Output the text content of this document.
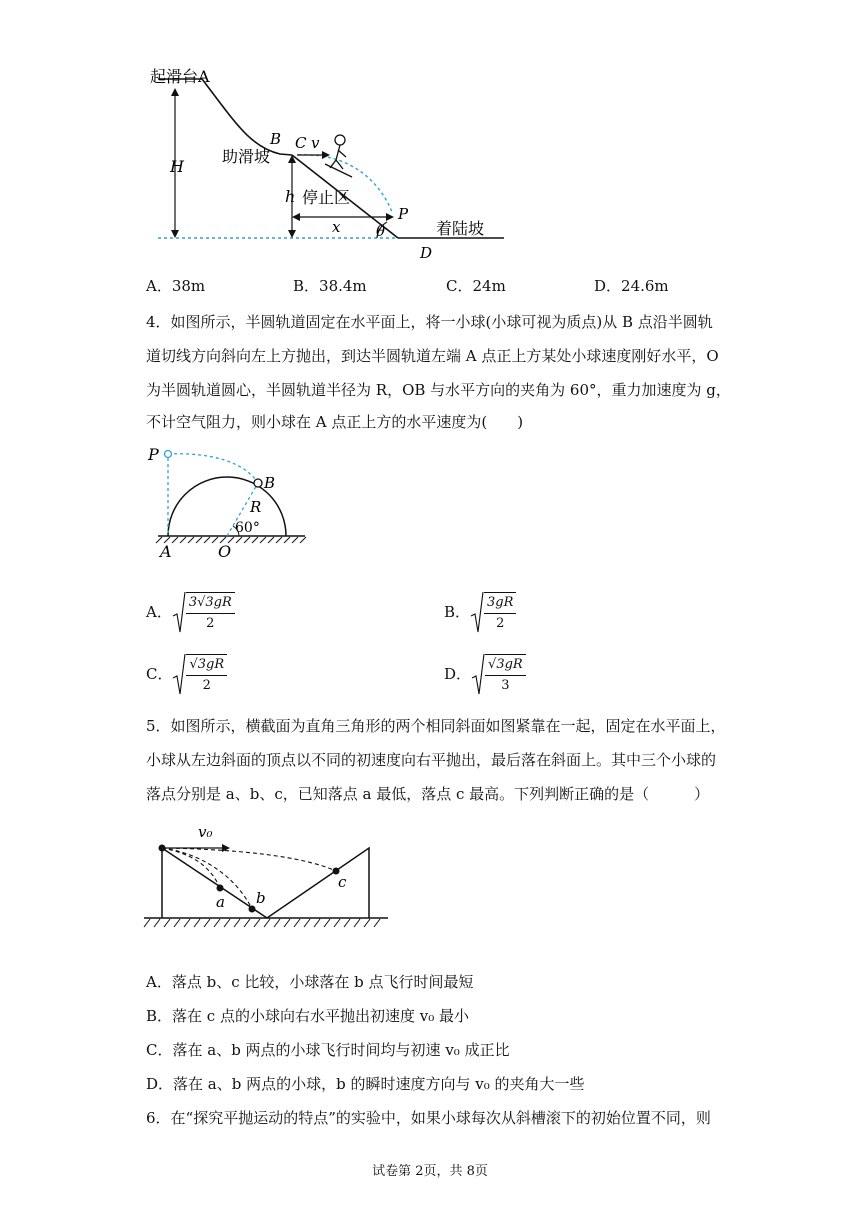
起滑台A
助滑坡
B C v
H
h 停止区
x
P
θ
D
着陆坡
A．38m	B．38.4m	C．24m	D．24.6m
4．如图所示，半圆轨道固定在水平面上，将一小球(小球可视为质点)从 B 点沿半圆轨
道切线方向斜向左上方抛出，到达半圆轨道左端 A 点正上方某处小球速度刚好水平，O
为半圆轨道圆心，半圆轨道半径为 R，OB 与水平方向的夹角为 60°，重力加速度为 g，
不计空气阻力，则小球在 A 点正上方的水平速度为(　　)
P
B
R
60°
A	O
A． $\frac{3√3gR}{2}$	B． $\frac{3gR}{2}$
C． $\frac{√3gR}{2}$	D． $\frac{√3gR}{3}$
5．如图所示，横截面为直角三角形的两个相同斜面如图紧靠在一起，固定在水平面上，
小球从左边斜面的顶点以不同的初速度向右平抛出，最后落在斜面上。其中三个小球的
落点分别是 a、b、c，已知落点 a 最低，落点 c 最高。下列判断正确的是（　　　）
v₀
a b
c
A．落点 b、c 比较，小球落在 b 点飞行时间最短
B．落在 c 点的小球向右水平抛出初速度 v₀ 最小
C．落在 a、b 两点的小球飞行时间均与初速 v₀ 成正比
D．落在 a、b 两点的小球，b 的瞬时速度方向与 v₀ 的夹角大一些
6．在“探究平抛运动的特点”的实验中，如果小球每次从斜槽滚下的初始位置不同，则
试卷第 2页，共 8页
